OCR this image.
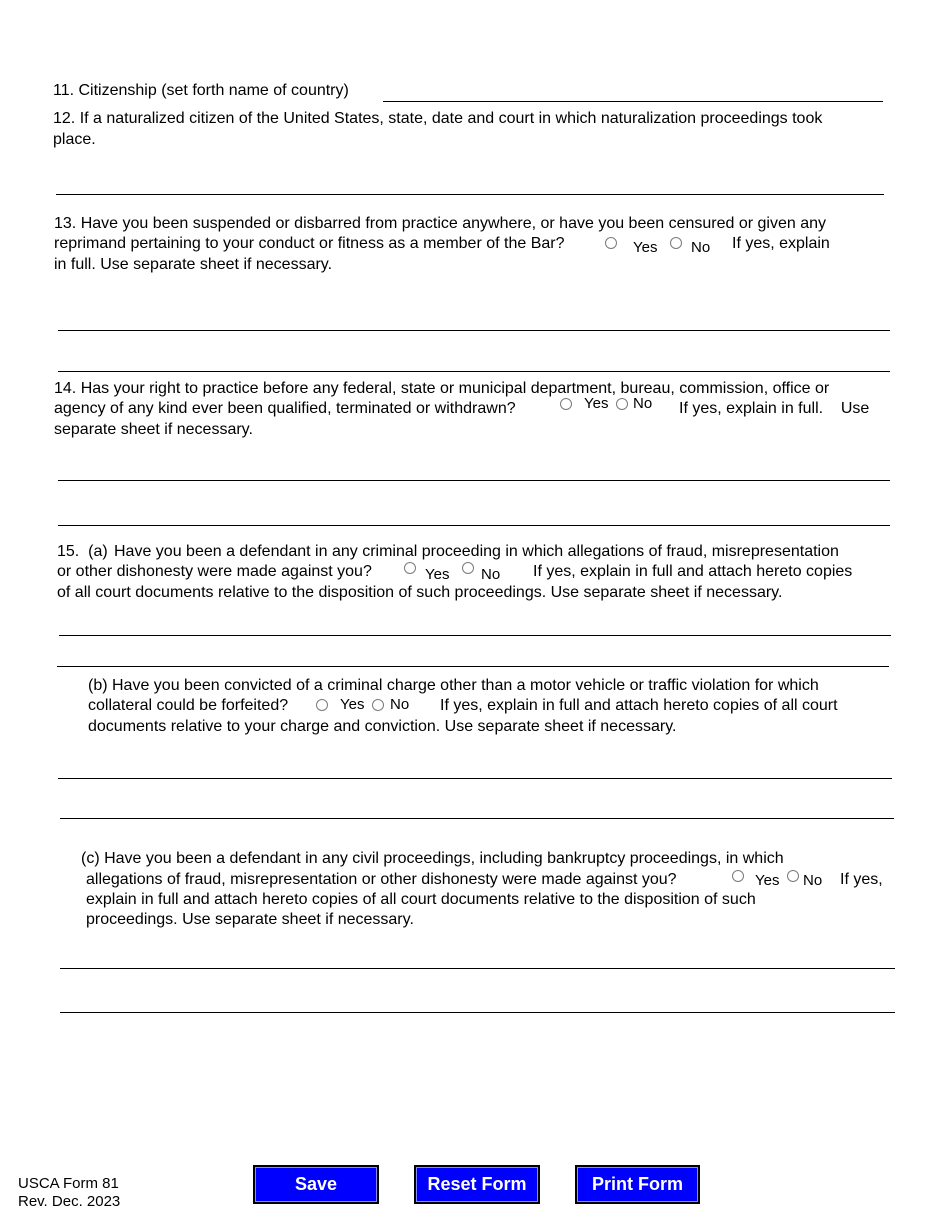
11. Citizenship (set forth name of country)
12. If a naturalized citizen of the United States, state, date and court in which naturalization proceedings took
place.
13. Have you been suspended or disbarred from practice anywhere, or have you been censured or given any
reprimand pertaining to your conduct or fitness as a member of the Bar?	Yes No If yes, explain
in full. Use separate sheet if necessary.
14. Has your right to practice before any federal, state or municipal department, bureau, commission, office or
agency of any kind ever been qualified, terminated or withdrawn?	Yes No If yes, explain in full.    Use
separate sheet if necessary.
15.  (a) Have you been a defendant in any criminal proceeding in which allegations of fraud, misrepresentation
or other dishonesty were made against you?	Yes No If yes, explain in full and attach hereto copies
of all court documents relative to the disposition of such proceedings. Use separate sheet if necessary.
(b) Have you been convicted of a criminal charge other than a motor vehicle or traffic violation for which
collateral could be forfeited?	Yes No If yes, explain in full and attach hereto copies of all court
documents relative to your charge and conviction. Use separate sheet if necessary.
(c) Have you been a defendant in any civil proceedings, including bankruptcy proceedings, in which
allegations of fraud, misrepresentation or other dishonesty were made against you?	Yes No If yes,
explain in full and attach hereto copies of all court documents relative to the disposition of such
proceedings. Use separate sheet if necessary.
USCA Form 81
Rev. Dec. 2023
Save	Reset Form	Print Form
